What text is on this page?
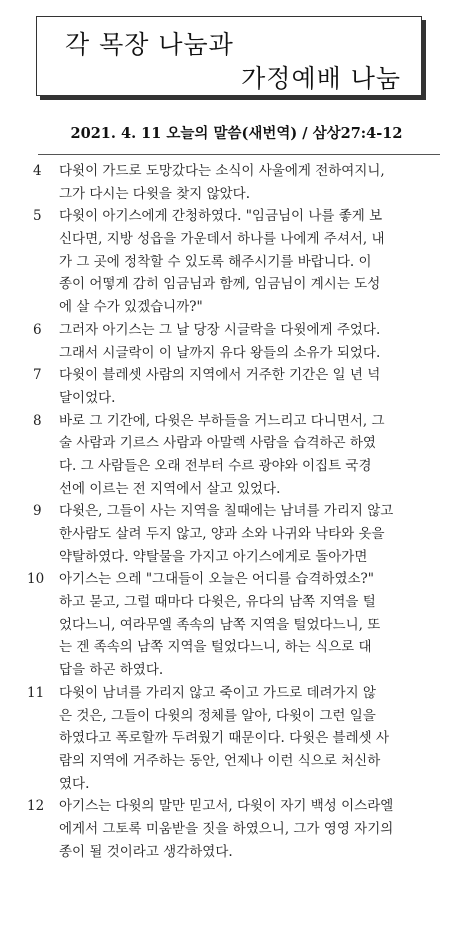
각 목장 나눔과
가정예배 나눔
2021. 4. 11 오늘의 말씀(새번역) / 삼상27:4-12
4	다윗이 가드로 도망갔다는 소식이 사울에게 전하여지니,
그가 다시는 다윗을 찾지 않았다.
5	다윗이 아기스에게 간청하였다. "임금님이 나를 좋게 보
신다면, 지방 성읍을 가운데서 하나를 나에게 주셔서, 내
가 그 곳에 정착할 수 있도록 해주시기를 바랍니다. 이
종이 어떻게 감히 임금님과 함께, 임금님이 계시는 도성
에 살 수가 있겠습니까?"
6	그러자 아기스는 그 날 당장 시글락을 다윗에게 주었다.
그래서 시글락이 이 날까지 유다 왕들의 소유가 되었다.
7	다윗이 블레셋 사람의 지역에서 거주한 기간은 일 년 넉
달이었다.
8	바로 그 기간에, 다윗은 부하들을 거느리고 다니면서, 그
술 사람과 기르스 사람과 아말렉 사람을 습격하곤 하였
다. 그 사람들은 오래 전부터 수르 광야와 이집트 국경
선에 이르는 전 지역에서 살고 있었다.
9	다윗은, 그들이 사는 지역을 칠때에는 남녀를 가리지 않고
한사람도 살려 두지 않고, 양과 소와 나귀와 낙타와 옷을
약탈하였다. 약탈물을 가지고 아기스에게로 돌아가면
10	아기스는 으레 "그대들이 오늘은 어디를 습격하였소?"
하고 묻고, 그럴 때마다 다윗은, 유다의 남쪽 지역을 털
었다느니, 여라무엘 족속의 남쪽 지역을 털었다느니, 또
는 겐 족속의 남쪽 지역을 털었다느니, 하는 식으로 대
답을 하곤 하였다.
11	다윗이 남녀를 가리지 않고 죽이고 가드로 데려가지 않
은 것은, 그들이 다윗의 정체를 알아, 다윗이 그런 일을
하였다고 폭로할까 두려웠기 때문이다. 다윗은 블레셋 사
람의 지역에 거주하는 동안, 언제나 이런 식으로 처신하
였다.
12	아기스는 다윗의 말만 믿고서, 다윗이 자기 백성 이스라엘
에게서 그토록 미움받을 짓을 하였으니, 그가 영영 자기의
종이 될 것이라고 생각하였다.
